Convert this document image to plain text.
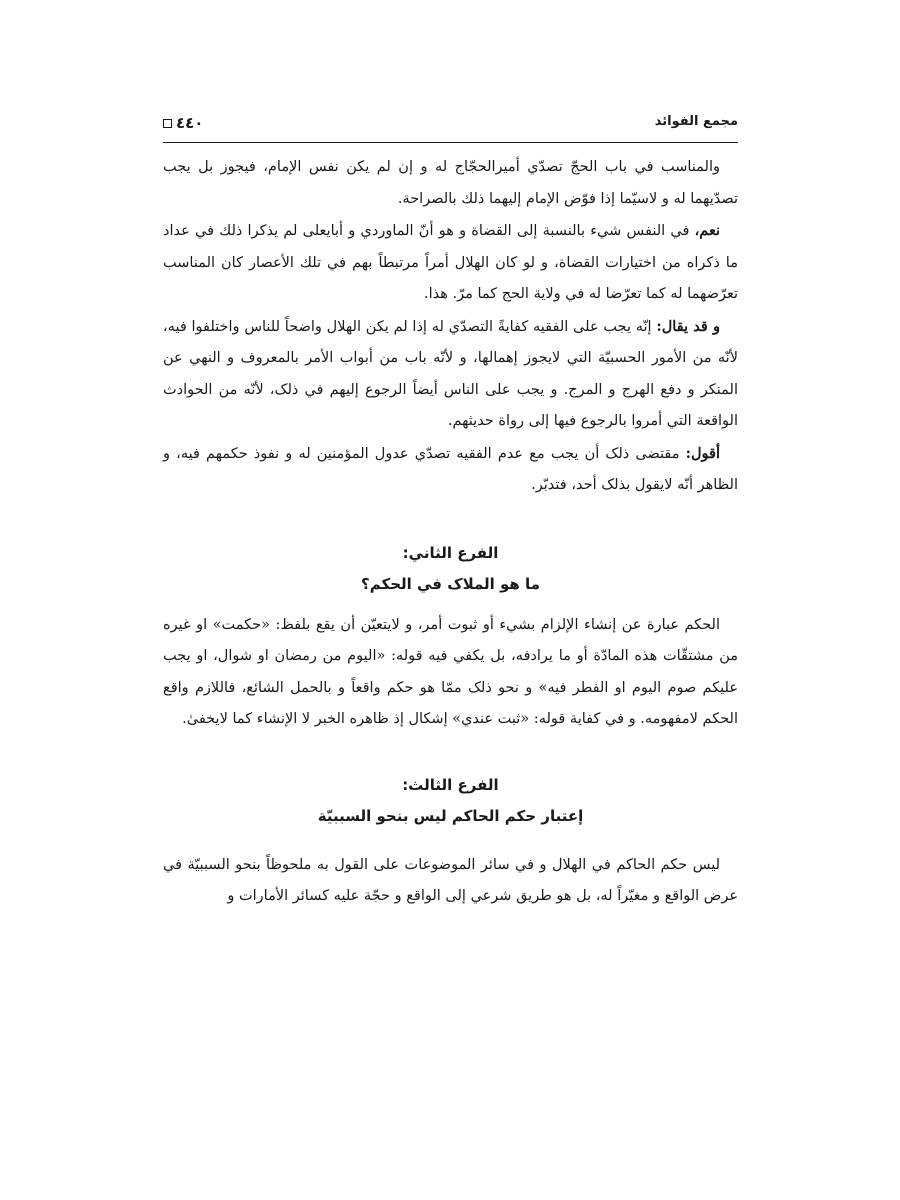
٤٤٠	مجمع الفوائد

والمناسب في باب الحجّ تصدّي أميرالحجّاج له و إن لم يكن نفس الإمام، فيجوز بل يجب تصدّيهما له و لاسيّما إذا فوّض الإمام إليهما ذلك بالصراحة.

نعم، في النفس شيء بالنسبة إلى القضاة و هو أنّ الماوردي و أبايعلى لم يذكرا ذلك في عداد ما ذكراه من اختيارات القضاة، و لو كان الهلال أمراً مرتبطاً بهم في تلك الأعصار كان المناسب تعرّضهما له كما تعرّضا له في ولاية الحج كما مرّ. هذا.

و قد يقال: إنّه يجب على الفقيه كفايةً التصدّي له إذا لم يكن الهلال واضحاً للناس واختلفوا فيه، لأنّه من الأمور الحسبيّة التي لايجوز إهمالها، و لأنّه باب من أبواب الأمر بالمعروف و النهي عن المنكر و دفع الهرج و المرج. و يجب على الناس أيضاً الرجوع إليهم في ذلک، لأنّه من الحوادث الواقعة التي أمروا بالرجوع فيها إلى رواة حديثهم.

أقول: مقتضى ذلک أن يجب مع عدم الفقيه تصدّي عدول المؤمنين له و نفوذ حكمهم فيه، و الظاهر أنّه لايقول بذلک أحد، فتدبّر.

الفرع الثاني:
ما هو الملاک في الحكم؟

الحكم عبارة عن إنشاء الإلزام بشيء أو ثبوت أمر، و لايتعيّن أن يقع بلفظ: «حكمت» او غيره من مشتقّات هذه المادّة أو ما يرادفه، بل يكفي فيه قوله: «اليوم من رمضان او شوال، او يجب عليكم صوم اليوم او الفطر فيه» و نحو ذلک ممّا هو حكم واقعاً و بالحمل الشائع، فاللازم واقع الحكم لامفهومه. و في كفاية قوله: «ثبت عندي» إشكال إذ ظاهره الخبر لا الإنشاء كما لايخفیٰ.

الفرع الثالث:
إعتبار حكم الحاكم ليس بنحو السببيّة

ليس حكم الحاكم في الهلال و في سائر الموضوعات على القول به ملحوظاً بنحو السببيّة في عرض الواقع و مغيّراً له، بل هو طريق شرعي إلى الواقع و حجّة عليه كسائر الأمارات و
